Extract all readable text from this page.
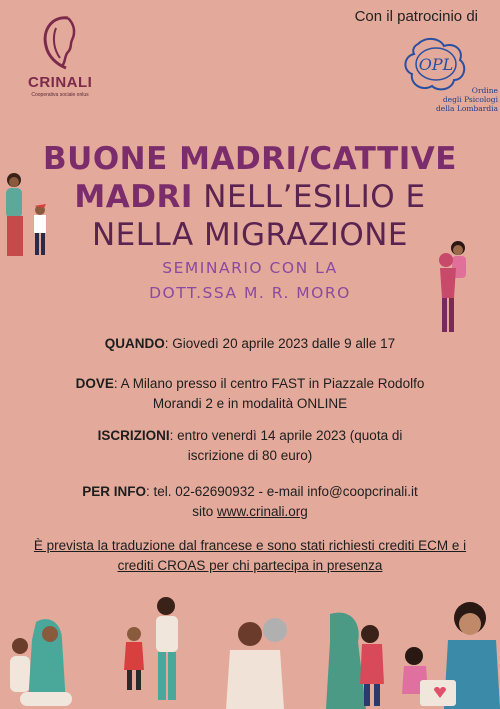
CRINALI
Cooperativa sociale onlus
Con il patrocinio di
OPL
Ordine
degli Psicologi
della Lombardia
BUONE MADRI/CATTIVE
MADRI NELL’ESILIO E
NELLA MIGRAZIONE
SEMINARIO CON LA
DOTT.SSA M. R. MORO
QUANDO: Giovedì 20 aprile 2023 dalle 9 alle 17
DOVE: A Milano presso il centro FAST in Piazzale Rodolfo
Morandi 2 e in modalità ONLINE
ISCRIZIONI: entro venerdì 14 aprile 2023 (quota di
iscrizione di 80 euro)
PER INFO: tel. 02-62690932 - e-mail info@coopcrinali.it
sito www.crinali.org
È prevista la traduzione dal francese e sono stati richiesti crediti ECM e i crediti CROAS per chi partecipa in presenza
